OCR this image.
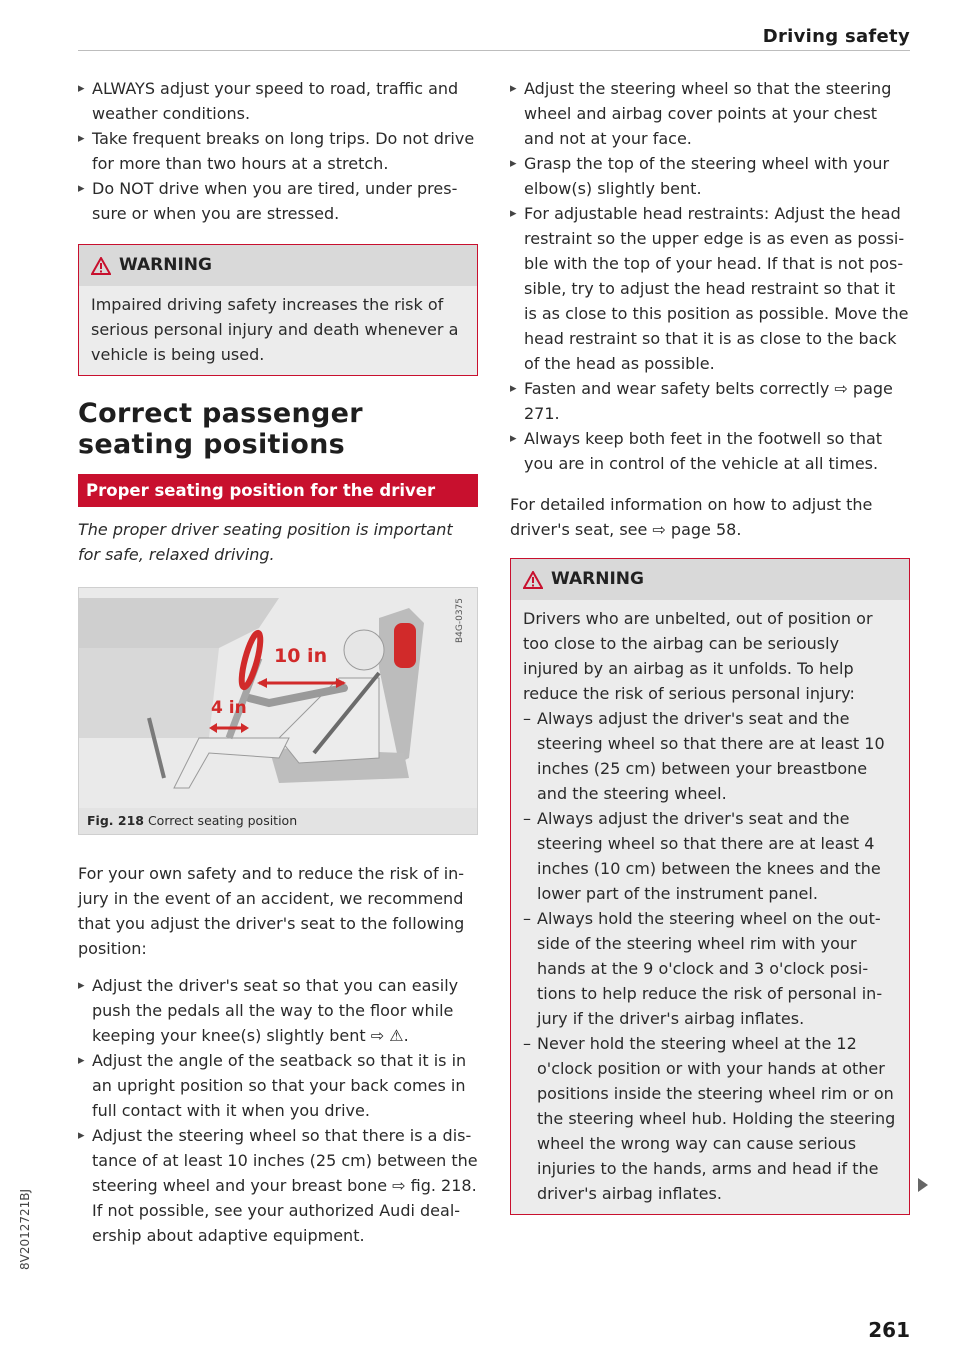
Driving safety
▸ ALWAYS adjust your speed to road, traffic and weather conditions.
▸ Take frequent breaks on long trips. Do not drive for more than two hours at a stretch.
▸ Do NOT drive when you are tired, under pres-sure or when you are stressed.
WARNING
Impaired driving safety increases the risk of serious personal injury and death whenever a vehicle is being used.
Correct passenger seating positions
Proper seating position for the driver
The proper driver seating position is important for safe, relaxed driving.
10 in
4 in
B4G-0375
Fig. 218 Correct seating position
For your own safety and to reduce the risk of in-jury in the event of an accident, we recommend that you adjust the driver's seat to the following position:
▸ Adjust the driver's seat so that you can easily push the pedals all the way to the floor while keeping your knee(s) slightly bent ⇨ ⚠.
▸ Adjust the angle of the seatback so that it is in an upright position so that your back comes in full contact with it when you drive.
▸ Adjust the steering wheel so that there is a dis-tance of at least 10 inches (25 cm) between the steering wheel and your breast bone ⇨ fig. 218. If not possible, see your authorized Audi deal-ership about adaptive equipment.
▸ Adjust the steering wheel so that the steering wheel and airbag cover points at your chest and not at your face.
▸ Grasp the top of the steering wheel with your elbow(s) slightly bent.
▸ For adjustable head restraints: Adjust the head restraint so the upper edge is as even as possi-ble with the top of your head. If that is not pos-sible, try to adjust the head restraint so that it is as close to this position as possible. Move the head restraint so that it is as close to the back of the head as possible.
▸ Fasten and wear safety belts correctly ⇨ page 271.
▸ Always keep both feet in the footwell so that you are in control of the vehicle at all times.
For detailed information on how to adjust the driver's seat, see ⇨ page 58.
WARNING
Drivers who are unbelted, out of position or too close to the airbag can be seriously injured by an airbag as it unfolds. To help reduce the risk of serious personal injury:
– Always adjust the driver's seat and the steering wheel so that there are at least 10 inches (25 cm) between your breastbone and the steering wheel.
– Always adjust the driver's seat and the steering wheel so that there are at least 4 inches (10 cm) between the knees and the lower part of the instrument panel.
– Always hold the steering wheel on the out-side of the steering wheel rim with your hands at the 9 o'clock and 3 o'clock posi-tions to help reduce the risk of personal in-jury if the driver's airbag inflates.
– Never hold the steering wheel at the 12 o'clock position or with your hands at other positions inside the steering wheel rim or on the steering wheel hub. Holding the steering wheel the wrong way can cause serious injuries to the hands, arms and head if the driver's airbag inflates.
261
8V2012721BJ
